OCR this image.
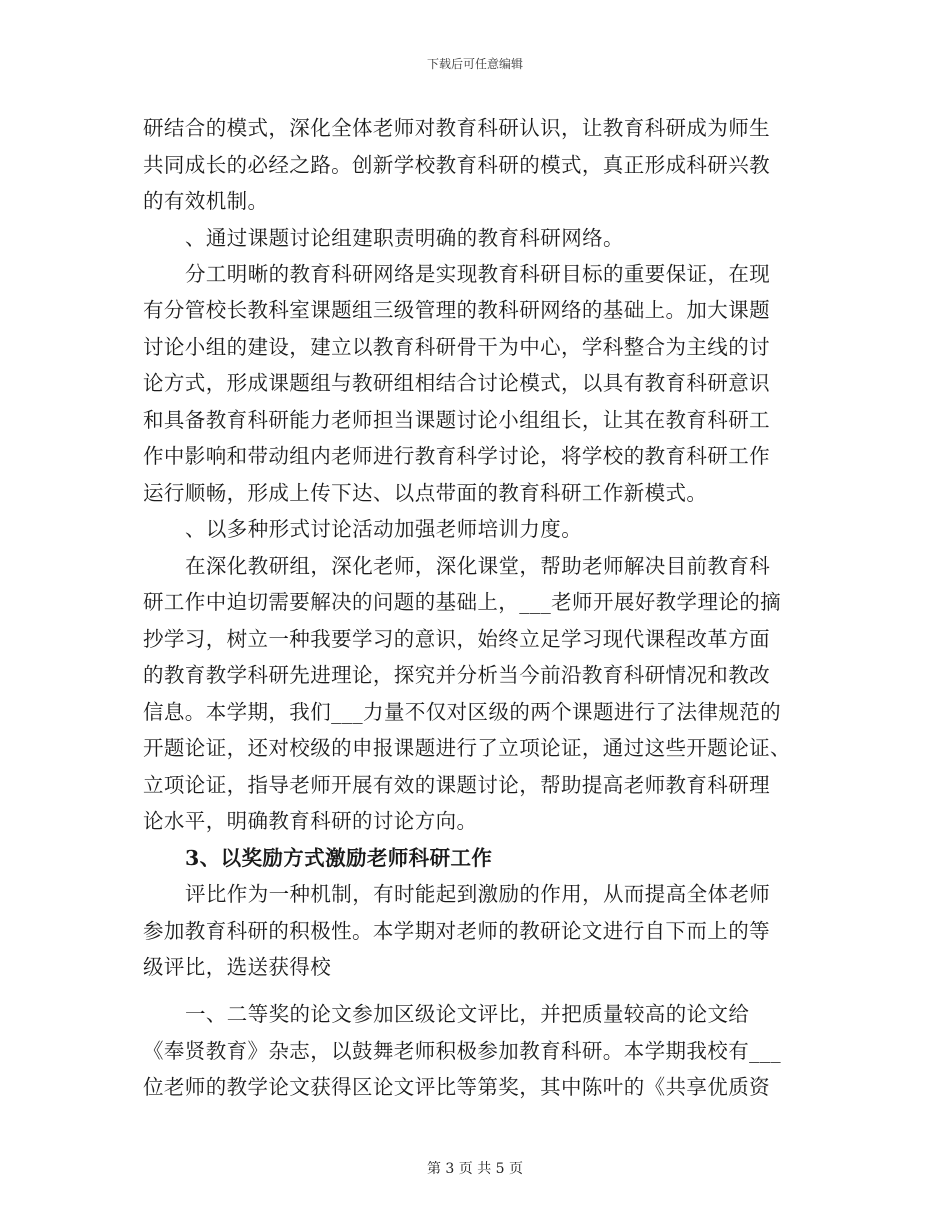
下载后可任意编辑
研结合的模式，深化全体老师对教育科研认识，让教育科研成为师生
共同成长的必经之路。创新学校教育科研的模式，真正形成科研兴教
的有效机制。
、通过课题讨论组建职责明确的教育科研网络。
分工明晰的教育科研网络是实现教育科研目标的重要保证，在现
有分管校长教科室课题组三级管理的教科研网络的基础上。加大课题
讨论小组的建设，建立以教育科研骨干为中心，学科整合为主线的讨
论方式，形成课题组与教研组相结合讨论模式，以具有教育科研意识
和具备教育科研能力老师担当课题讨论小组组长，让其在教育科研工
作中影响和带动组内老师进行教育科学讨论，将学校的教育科研工作
运行顺畅，形成上传下达、以点带面的教育科研工作新模式。
、以多种形式讨论活动加强老师培训力度。
在深化教研组，深化老师，深化课堂，帮助老师解决目前教育科
研工作中迫切需要解决的问题的基础上，___老师开展好教学理论的摘
抄学习，树立一种我要学习的意识，始终立足学习现代课程改革方面
的教育教学科研先进理论，探究并分析当今前沿教育科研情况和教改
信息。本学期，我们___力量不仅对区级的两个课题进行了法律规范的
开题论证，还对校级的申报课题进行了立项论证，通过这些开题论证、
立项论证，指导老师开展有效的课题讨论，帮助提高老师教育科研理
论水平，明确教育科研的讨论方向。
3、以奖励方式激励老师科研工作
评比作为一种机制，有时能起到激励的作用，从而提高全体老师
参加教育科研的积极性。本学期对老师的教研论文进行自下而上的等
级评比，选送获得校
一、二等奖的论文参加区级论文评比，并把质量较高的论文给
《奉贤教育》杂志，以鼓舞老师积极参加教育科研。本学期我校有___
位老师的教学论文获得区论文评比等第奖，其中陈叶的《共享优质资
第 3 页 共 5 页
